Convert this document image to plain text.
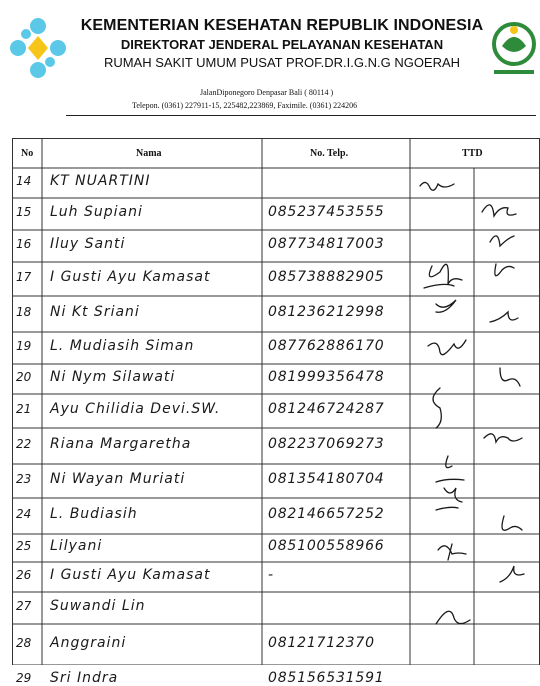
KEMENTERIAN KESEHATAN REPUBLIK INDONESIA
DIREKTORAT JENDERAL PELAYANAN KESEHATAN
RUMAH SAKIT UMUM PUSAT PROF.DR.I.G.N.G NGOERAH
JalanDiponegoro Denpasar Bali ( 80114 )
Telepon. (0361) 227911-15, 225482,223869, Faximile. (0361) 224206
No	Nama	No. Telp.	TTD
14 KT NUARTINI
15 Luh Supiani	085237453555
16 Iluy Santi	087734817003
17 I Gusti Ayu Kamasat	085738882905
18 Ni Kt Sriani	081236212998
19 L. Mudiasih Siman	087762886170
20 Ni Nym Silawati	081999356478
21 Ayu Chilidia Devi.SW.	081246724287
22 Riana Margaretha	082237069273
23 Ni Wayan Muriati	081354180704
24 L. Budiasih	082146657252
25 Lilyani	085100558966
26 I Gusti Ayu Kamasat	-
27 Suwandi Lin
28 Anggraini	08121712370
29 Sri Indra	085156531591
